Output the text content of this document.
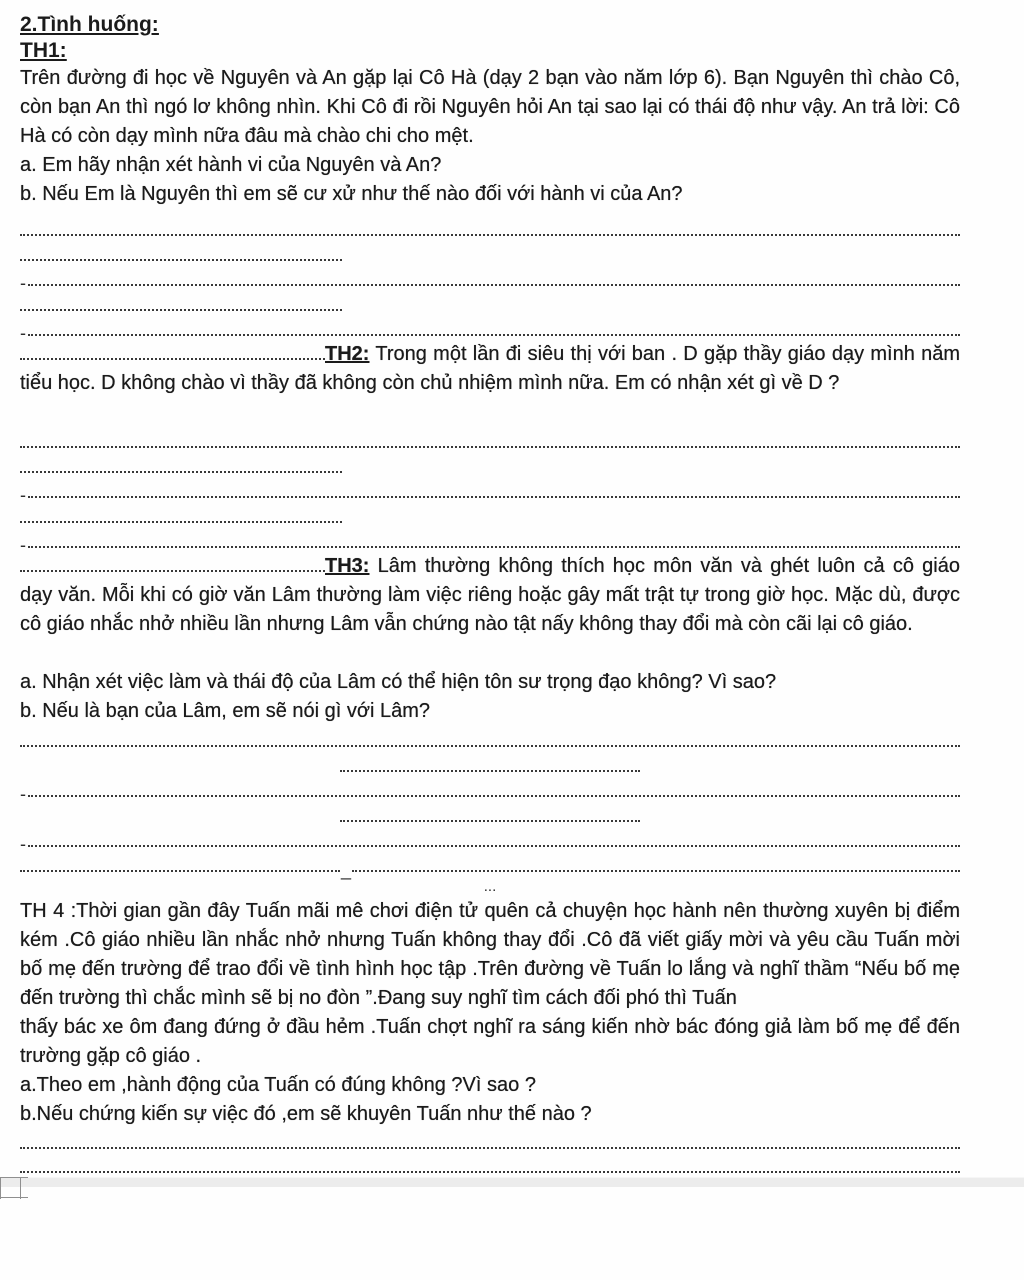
2.Tình huống:

TH1:

Trên đường đi học về Nguyên và An gặp lại Cô Hà (dạy 2 bạn vào năm lớp 6). Bạn Nguyên thì chào Cô, còn bạn An thì ngó lơ không nhìn. Khi Cô đi rồi Nguyên hỏi An tại sao lại có thái độ như vậy. An trả lời: Cô Hà có còn dạy mình nữa đâu mà chào chi cho mệt.

a. Em hãy nhận xét hành vi của Nguyên và An?

b. Nếu Em là Nguyên thì em sẽ cư xử như thế nào đối với hành vi của An?

-
-

TH2: Trong một lần đi siêu thị với ban . D gặp thầy giáo dạy mình năm tiểu học. D không chào vì thầy đã không còn chủ nhiệm mình nữa. Em có nhận xét gì về D ?

-
-

TH3: Lâm thường không thích học môn văn và ghét luôn cả cô giáo dạy văn. Mỗi khi có giờ văn Lâm thường làm việc riêng hoặc gây mất trật tự trong giờ học. Mặc dù, được cô giáo nhắc nhở nhiều lần nhưng Lâm vẫn chứng nào tật nấy không thay đổi mà còn cãi lại cô giáo.

a. Nhận xét việc làm và thái độ của Lâm có thể hiện tôn sư trọng đạo không? Vì sao?

b. Nếu là bạn của Lâm, em sẽ nói gì với Lâm?

-
-
_
...

TH 4 :Thời gian gần đây Tuấn mãi mê chơi điện tử quên cả chuyện học hành nên thường xuyên bị điểm kém .Cô giáo nhiều lần nhắc nhở nhưng Tuấn không thay đổi .Cô đã viết giấy mời và yêu cầu Tuấn mời bố mẹ đến trường để trao đổi về tình hình học tập .Trên đường về Tuấn lo lắng và nghĩ thầm “Nếu bố mẹ đến trường thì chắc mình sẽ bị no đòn ”.Đang suy nghĩ tìm cách đối phó thì Tuấn

thấy bác xe ôm đang đứng ở đầu hẻm .Tuấn chợt nghĩ ra sáng kiến nhờ bác đóng giả làm bố mẹ để đến trường gặp cô giáo .

a.Theo em ,hành động của Tuấn có đúng không ?Vì sao ?

b.Nếu chứng kiến sự việc đó ,em sẽ khuyên Tuấn như thế nào ?
